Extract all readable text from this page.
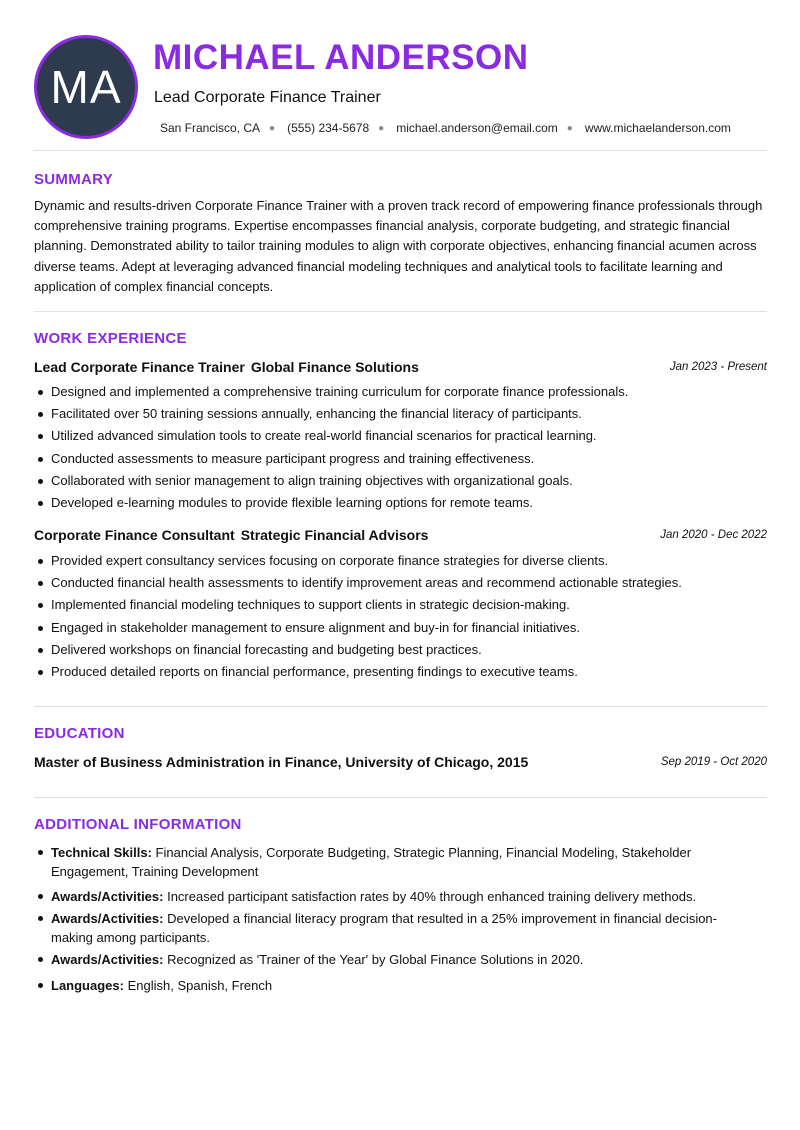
MA
MICHAEL ANDERSON
Lead Corporate Finance Trainer
San Francisco, CA ● (555) 234-5678 ● michael.anderson@email.com ● www.michaelanderson.com
SUMMARY

Dynamic and results-driven Corporate Finance Trainer with a proven track record of empowering finance professionals through comprehensive training programs. Expertise encompasses financial analysis, corporate budgeting, and strategic financial planning. Demonstrated ability to tailor training modules to align with corporate objectives, enhancing financial acumen across diverse teams. Adept at leveraging advanced financial modeling techniques and analytical tools to facilitate learning and application of complex financial concepts.

WORK EXPERIENCE
Lead Corporate Finance Trainer Global Finance Solutions	Jan 2023 - Present
Designed and implemented a comprehensive training curriculum for corporate finance professionals.
Facilitated over 50 training sessions annually, enhancing the financial literacy of participants.
Utilized advanced simulation tools to create real-world financial scenarios for practical learning.
Conducted assessments to measure participant progress and training effectiveness.
Collaborated with senior management to align training objectives with organizational goals.
Developed e-learning modules to provide flexible learning options for remote teams.
Corporate Finance Consultant Strategic Financial Advisors	Jan 2020 - Dec 2022
Provided expert consultancy services focusing on corporate finance strategies for diverse clients.
Conducted financial health assessments to identify improvement areas and recommend actionable strategies.
Implemented financial modeling techniques to support clients in strategic decision-making.
Engaged in stakeholder management to ensure alignment and buy-in for financial initiatives.
Delivered workshops on financial forecasting and budgeting best practices.
Produced detailed reports on financial performance, presenting findings to executive teams.
EDUCATION
Master of Business Administration in Finance, University of Chicago, 2015	Sep 2019 - Oct 2020
ADDITIONAL INFORMATION
Technical Skills: Financial Analysis, Corporate Budgeting, Strategic Planning, Financial Modeling, Stakeholder Engagement, Training Development
Awards/Activities: Increased participant satisfaction rates by 40% through enhanced training delivery methods.
Awards/Activities: Developed a financial literacy program that resulted in a 25% improvement in financial decision-making among participants.
Awards/Activities: Recognized as 'Trainer of the Year' by Global Finance Solutions in 2020.
Languages: English, Spanish, French
